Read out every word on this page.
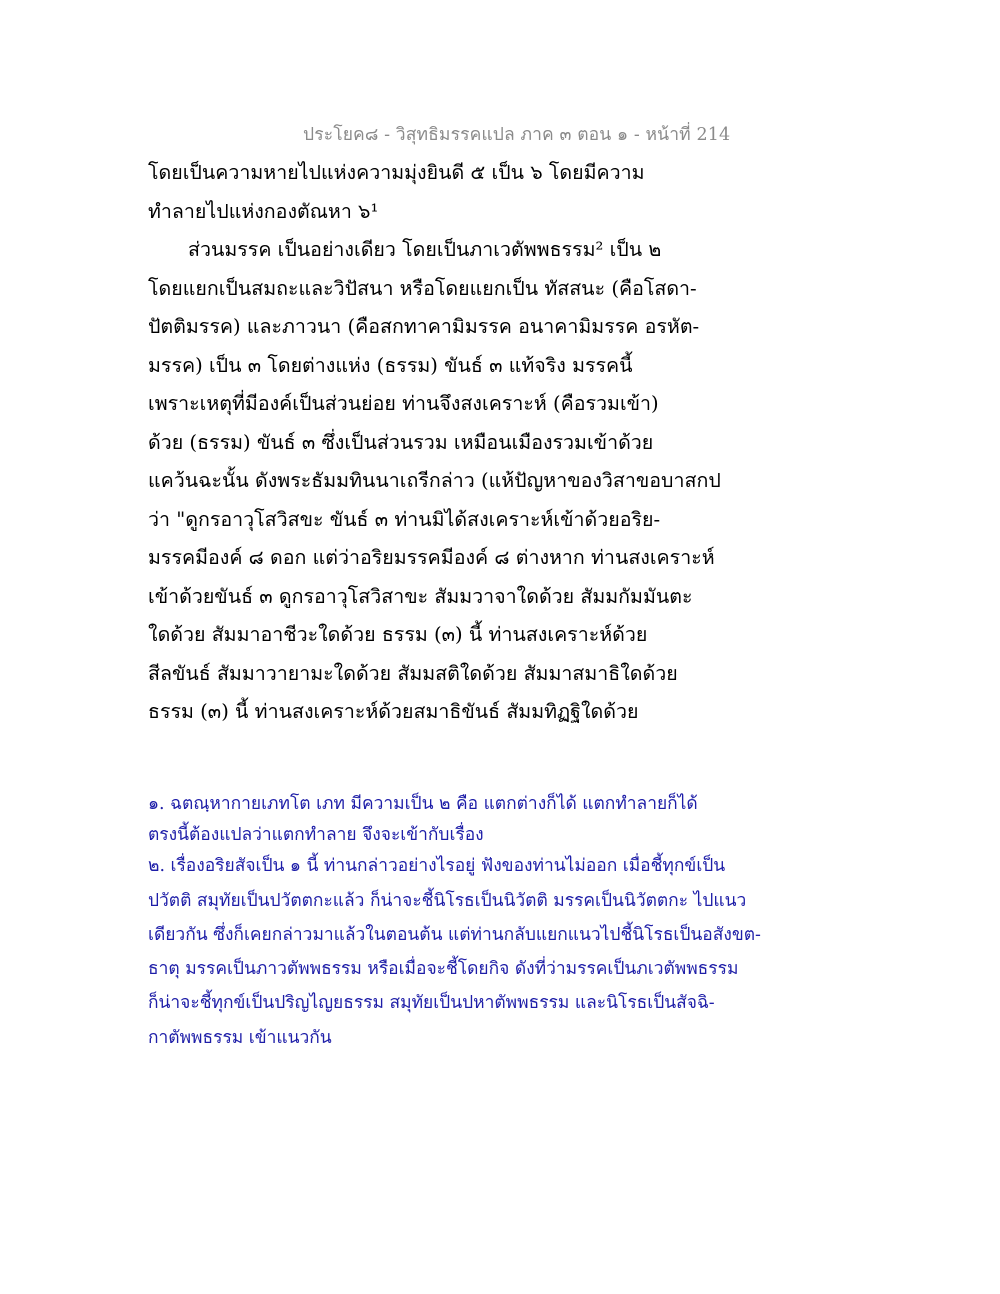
ประโยค๘ - วิสุทธิมรรคแปล ภาค ๓ ตอน ๑ - หน้าที่ 214
โดยเป็นความหายไปแห่งความมุ่งยินดี ๕ เป็น ๖ โดยมีความ
ทำลายไปแห่งกองตัณหา ๖¹
ส่วนมรรค เป็นอย่างเดียว โดยเป็นภาเวตัพพธรรม² เป็น ๒
โดยแยกเป็นสมถะและวิปัสนา หรือโดยแยกเป็น ทัสสนะ (คือโสดา-
ปัตติมรรค) และภาวนา (คือสกทาคามิมรรค อนาคามิมรรค อรหัต-
มรรค) เป็น ๓ โดยต่างแห่ง (ธรรม) ขันธ์ ๓ แท้จริง มรรคนี้
เพราะเหตุที่มีองค์เป็นส่วนย่อย ท่านจึงสงเคราะห์ (คือรวมเข้า)
ด้วย (ธรรม) ขันธ์ ๓ ซึ่งเป็นส่วนรวม เหมือนเมืองรวมเข้าด้วย
แคว้นฉะนั้น ดังพระธัมมทินนาเถรีกล่าว (แห้ปัญหาของวิสาขอบาสกป
ว่า "ดูกรอาวุโสวิสขะ ขันธ์ ๓ ท่านมิได้สงเคราะห์เข้าด้วยอริย-
มรรคมีองค์ ๘ ดอก แต่ว่าอริยมรรคมีองค์ ๘ ต่างหาก ท่านสงเคราะห์
เข้าด้วยขันธ์ ๓ ดูกรอาวุโสวิสาขะ สัมมวาจาใดด้วย สัมมกัมมันตะ
ใดด้วย สัมมาอาชีวะใดด้วย ธรรม (๓) นี้ ท่านสงเคราะห์ด้วย
สีลขันธ์ สัมมาวายามะใดด้วย สัมมสติใดด้วย สัมมาสมาธิใดด้วย
ธรรม (๓) นี้ ท่านสงเคราะห์ด้วยสมาธิขันธ์ สัมมทิฏฐิใดด้วย
๑. ฉตณฺหากายเภทโต เภท มีความเป็น ๒ คือ แตกต่างก็ได้ แตกทำลายก็ได้
ตรงนี้ต้องแปลว่าแตกทำลาย จึงจะเข้ากับเรื่อง
๒. เรื่องอริยสัจเป็น ๑ นี้ ท่านกล่าวอย่างไรอยู่ ฟังของท่านไม่ออก เมื่อชี้ทุกข์เป็น
ปวัตติ สมุทัยเป็นปวัตตกะแล้ว ก็น่าจะชี้นิโรธเป็นนิวัตติ มรรคเป็นนิวัตตกะ ไปแนว
เดียวกัน ซึ่งก็เคยกล่าวมาแล้วในตอนต้น แต่ท่านกลับแยกแนวไปชี้นิโรธเป็นอสังขต-
ธาตุ มรรคเป็นภาวตัพพธรรม หรือเมื่อจะชี้โดยกิจ ดังที่ว่ามรรคเป็นภเวตัพพธรรม
ก็น่าจะชี้ทุกข์เป็นปริญไญยธรรม สมุทัยเป็นปหาตัพพธรรม และนิโรธเป็นสัจฉิ-
กาตัพพธรรม เข้าแนวกัน
